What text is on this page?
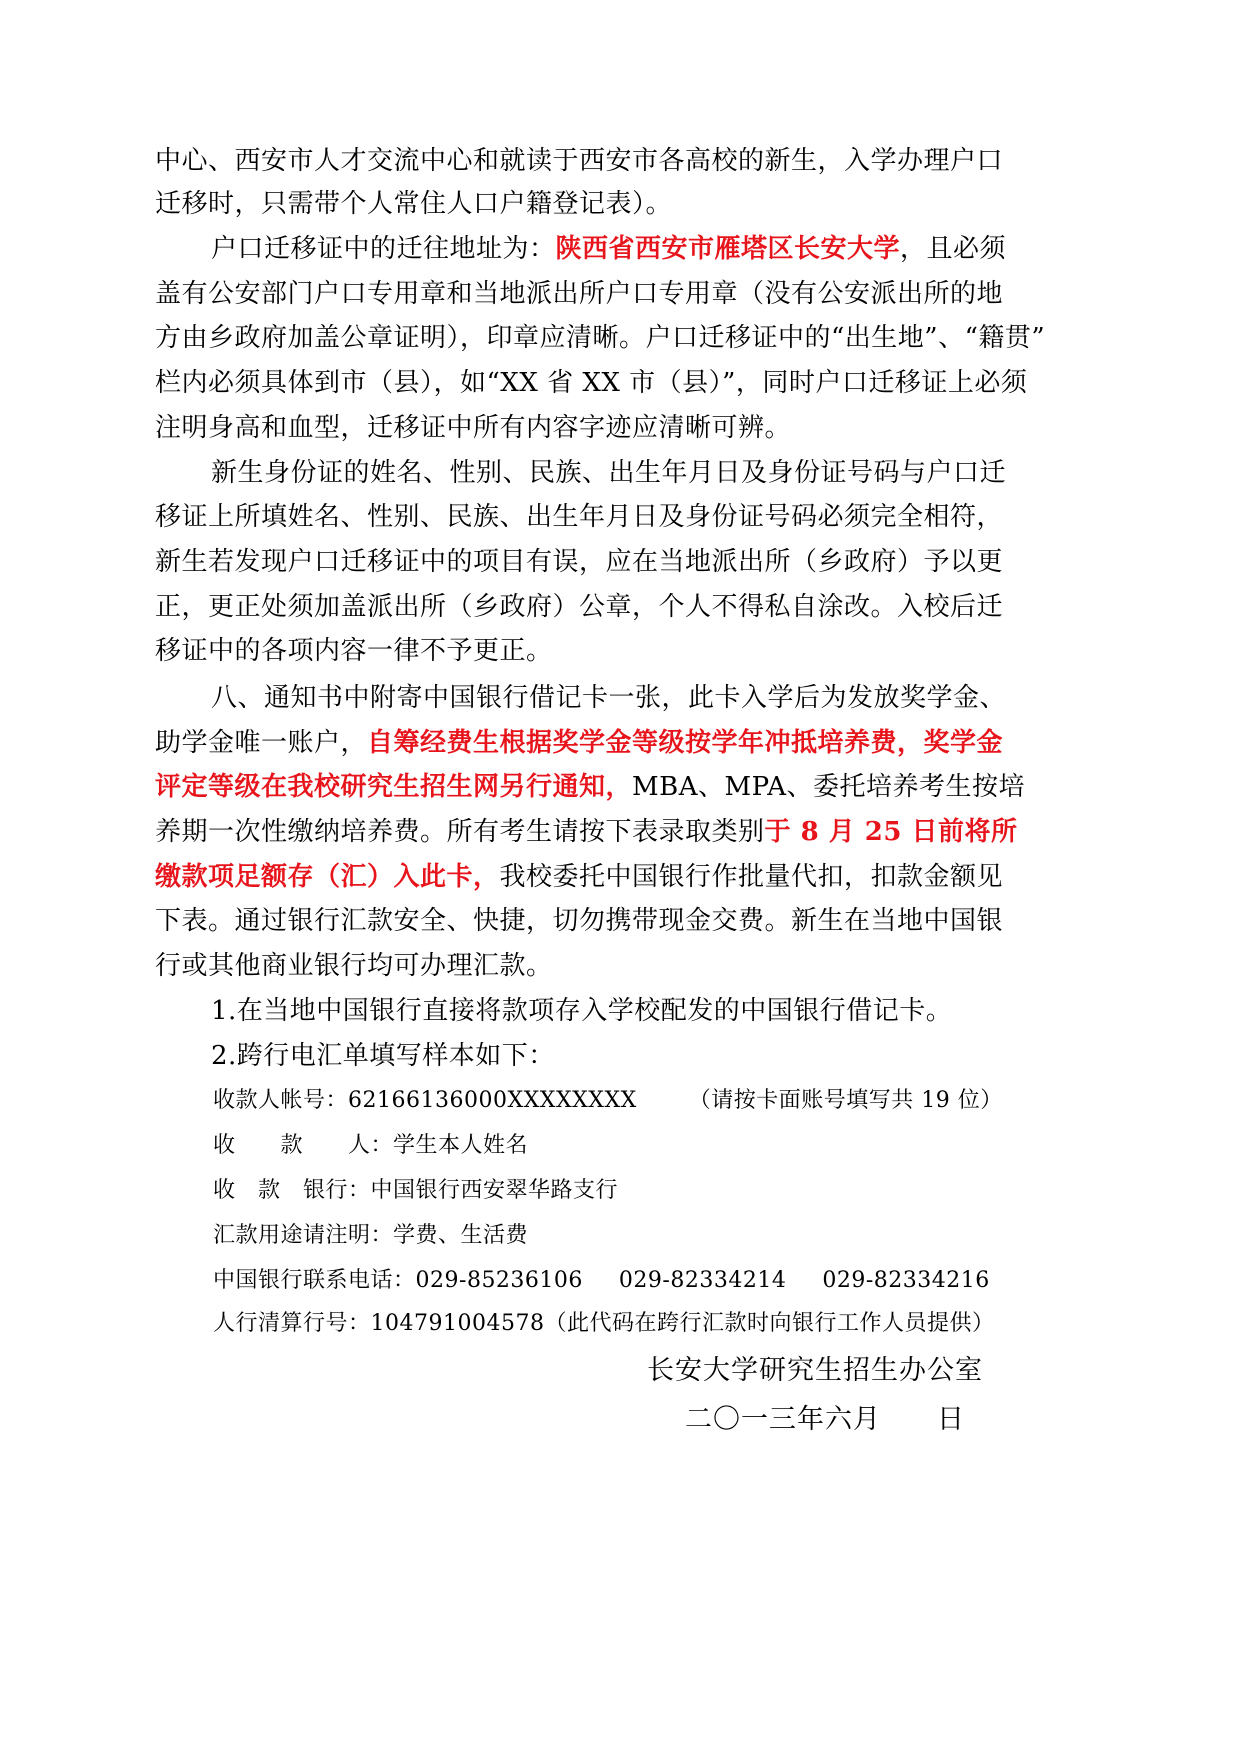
中心、西安市人才交流中心和就读于西安市各高校的新生，入学办理户口
迁移时，只需带个人常住人口户籍登记表）。
户口迁移证中的迁往地址为：陕西省西安市雁塔区长安大学，且必须
盖有公安部门户口专用章和当地派出所户口专用章（没有公安派出所的地
方由乡政府加盖公章证明），印章应清晰。户口迁移证中的“出生地”、“籍贯”
栏内必须具体到市（县），如“XX 省 XX 市（县）”，同时户口迁移证上必须
注明身高和血型，迁移证中所有内容字迹应清晰可辨。
新生身份证的姓名、性别、民族、出生年月日及身份证号码与户口迁
移证上所填姓名、性别、民族、出生年月日及身份证号码必须完全相符，
新生若发现户口迁移证中的项目有误，应在当地派出所（乡政府）予以更
正，更正处须加盖派出所（乡政府）公章，个人不得私自涂改。入校后迁
移证中的各项内容一律不予更正。
八、通知书中附寄中国银行借记卡一张，此卡入学后为发放奖学金、
助学金唯一账户，自筹经费生根据奖学金等级按学年冲抵培养费，奖学金
评定等级在我校研究生招生网另行通知，MBA、MPA、委托培养考生按培
养期一次性缴纳培养费。所有考生请按下表录取类别于 8 月 25 日前将所
缴款项足额存（汇）入此卡，我校委托中国银行作批量代扣，扣款金额见
下表。通过银行汇款安全、快捷，切勿携带现金交费。新生在当地中国银
行或其他商业银行均可办理汇款。
1.在当地中国银行直接将款项存入学校配发的中国银行借记卡。
2.跨行电汇单填写样本如下：
收款人帐号：62166136000XXXXXXXX （请按卡面账号填写共 19 位）
收　　款　　人：学生本人姓名
收　款　银行：中国银行西安翠华路支行
汇款用途请注明：学费、生活费
中国银行联系电话：029-85236106 029-82334214 029-82334216
人行清算行号：104791004578（此代码在跨行汇款时向银行工作人员提供）
长安大学研究生招生办公室
二〇一三年六月　　日
